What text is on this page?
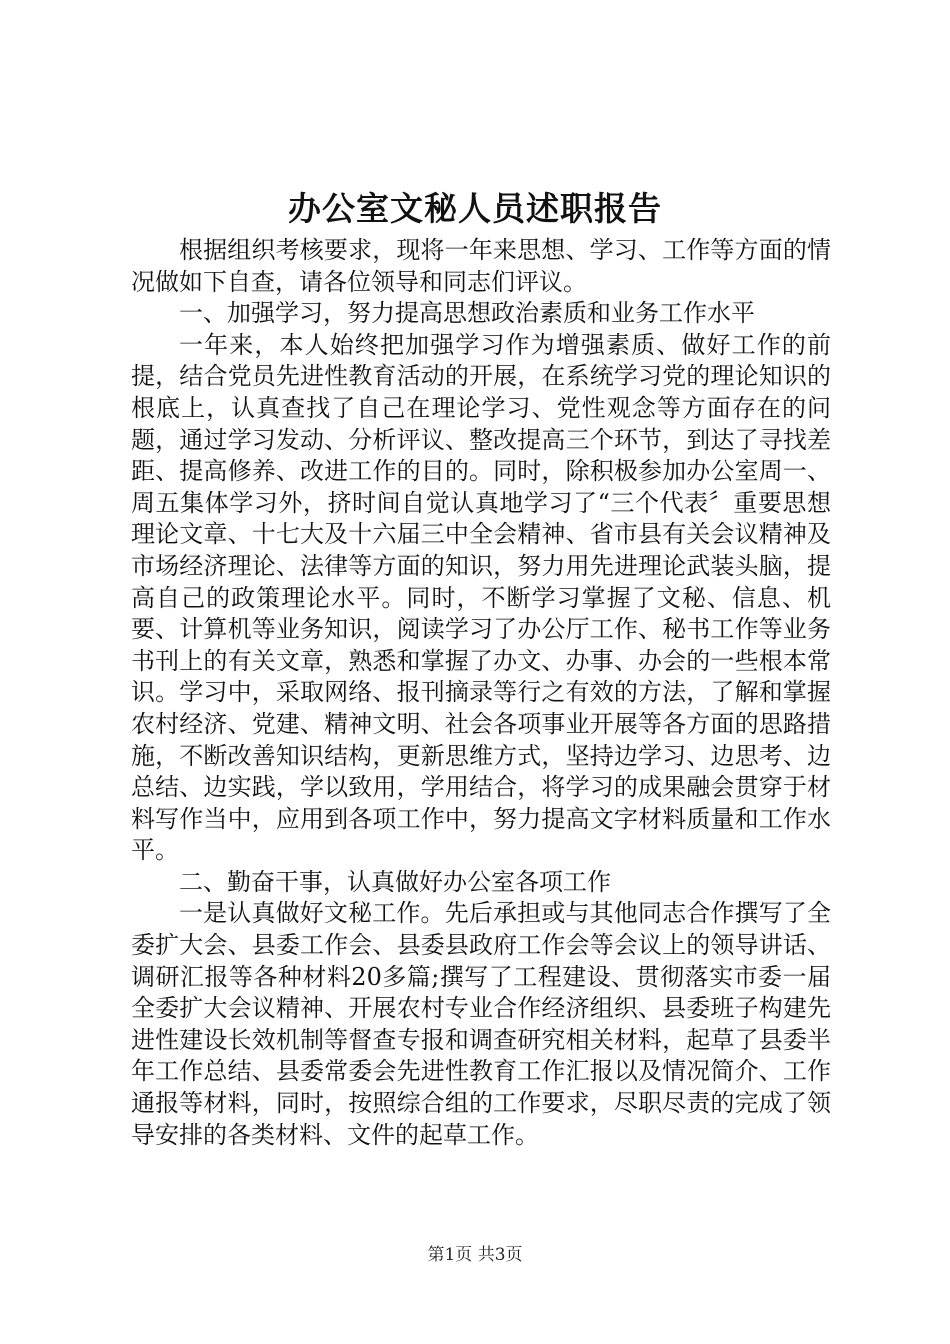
办公室文秘人员述职报告

根据组织考核要求，现将一年来思想、学习、工作等方面的情况做如下自查，请各位领导和同志们评议。

一、加强学习，努力提高思想政治素质和业务工作水平

一年来，本人始终把加强学习作为增强素质、做好工作的前提，结合党员先进性教育活动的开展，在系统学习党的理论知识的根底上，认真查找了自己在理论学习、党性观念等方面存在的问题，通过学习发动、分析评议、整改提高三个环节，到达了寻找差距、提高修养、改进工作的目的。同时，除积极参加办公室周一、周五集体学习外，挤时间自觉认真地学习了“三个代表〞重要思想理论文章、十七大及十六届三中全会精神、省市县有关会议精神及市场经济理论、法律等方面的知识，努力用先进理论武装头脑，提高自己的政策理论水平。同时，不断学习掌握了文秘、信息、机要、计算机等业务知识，阅读学习了办公厅工作、秘书工作等业务书刊上的有关文章，熟悉和掌握了办文、办事、办会的一些根本常识。学习中，采取网络、报刊摘录等行之有效的方法，了解和掌握农村经济、党建、精神文明、社会各项事业开展等各方面的思路措施，不断改善知识结构，更新思维方式，坚持边学习、边思考、边总结、边实践，学以致用，学用结合，将学习的成果融会贯穿于材料写作当中，应用到各项工作中，努力提高文字材料质量和工作水平。

二、勤奋干事，认真做好办公室各项工作

一是认真做好文秘工作。先后承担或与其他同志合作撰写了全委扩大会、县委工作会、县委县政府工作会等会议上的领导讲话、调研汇报等各种材料20多篇;撰写了工程建设、贯彻落实市委一届全委扩大会议精神、开展农村专业合作经济组织、县委班子构建先进性建设长效机制等督查专报和调查研究相关材料，起草了县委半年工作总结、县委常委会先进性教育工作汇报以及情况简介、工作通报等材料，同时，按照综合组的工作要求，尽职尽责的完成了领导安排的各类材料、文件的起草工作。

第1页 共3页
